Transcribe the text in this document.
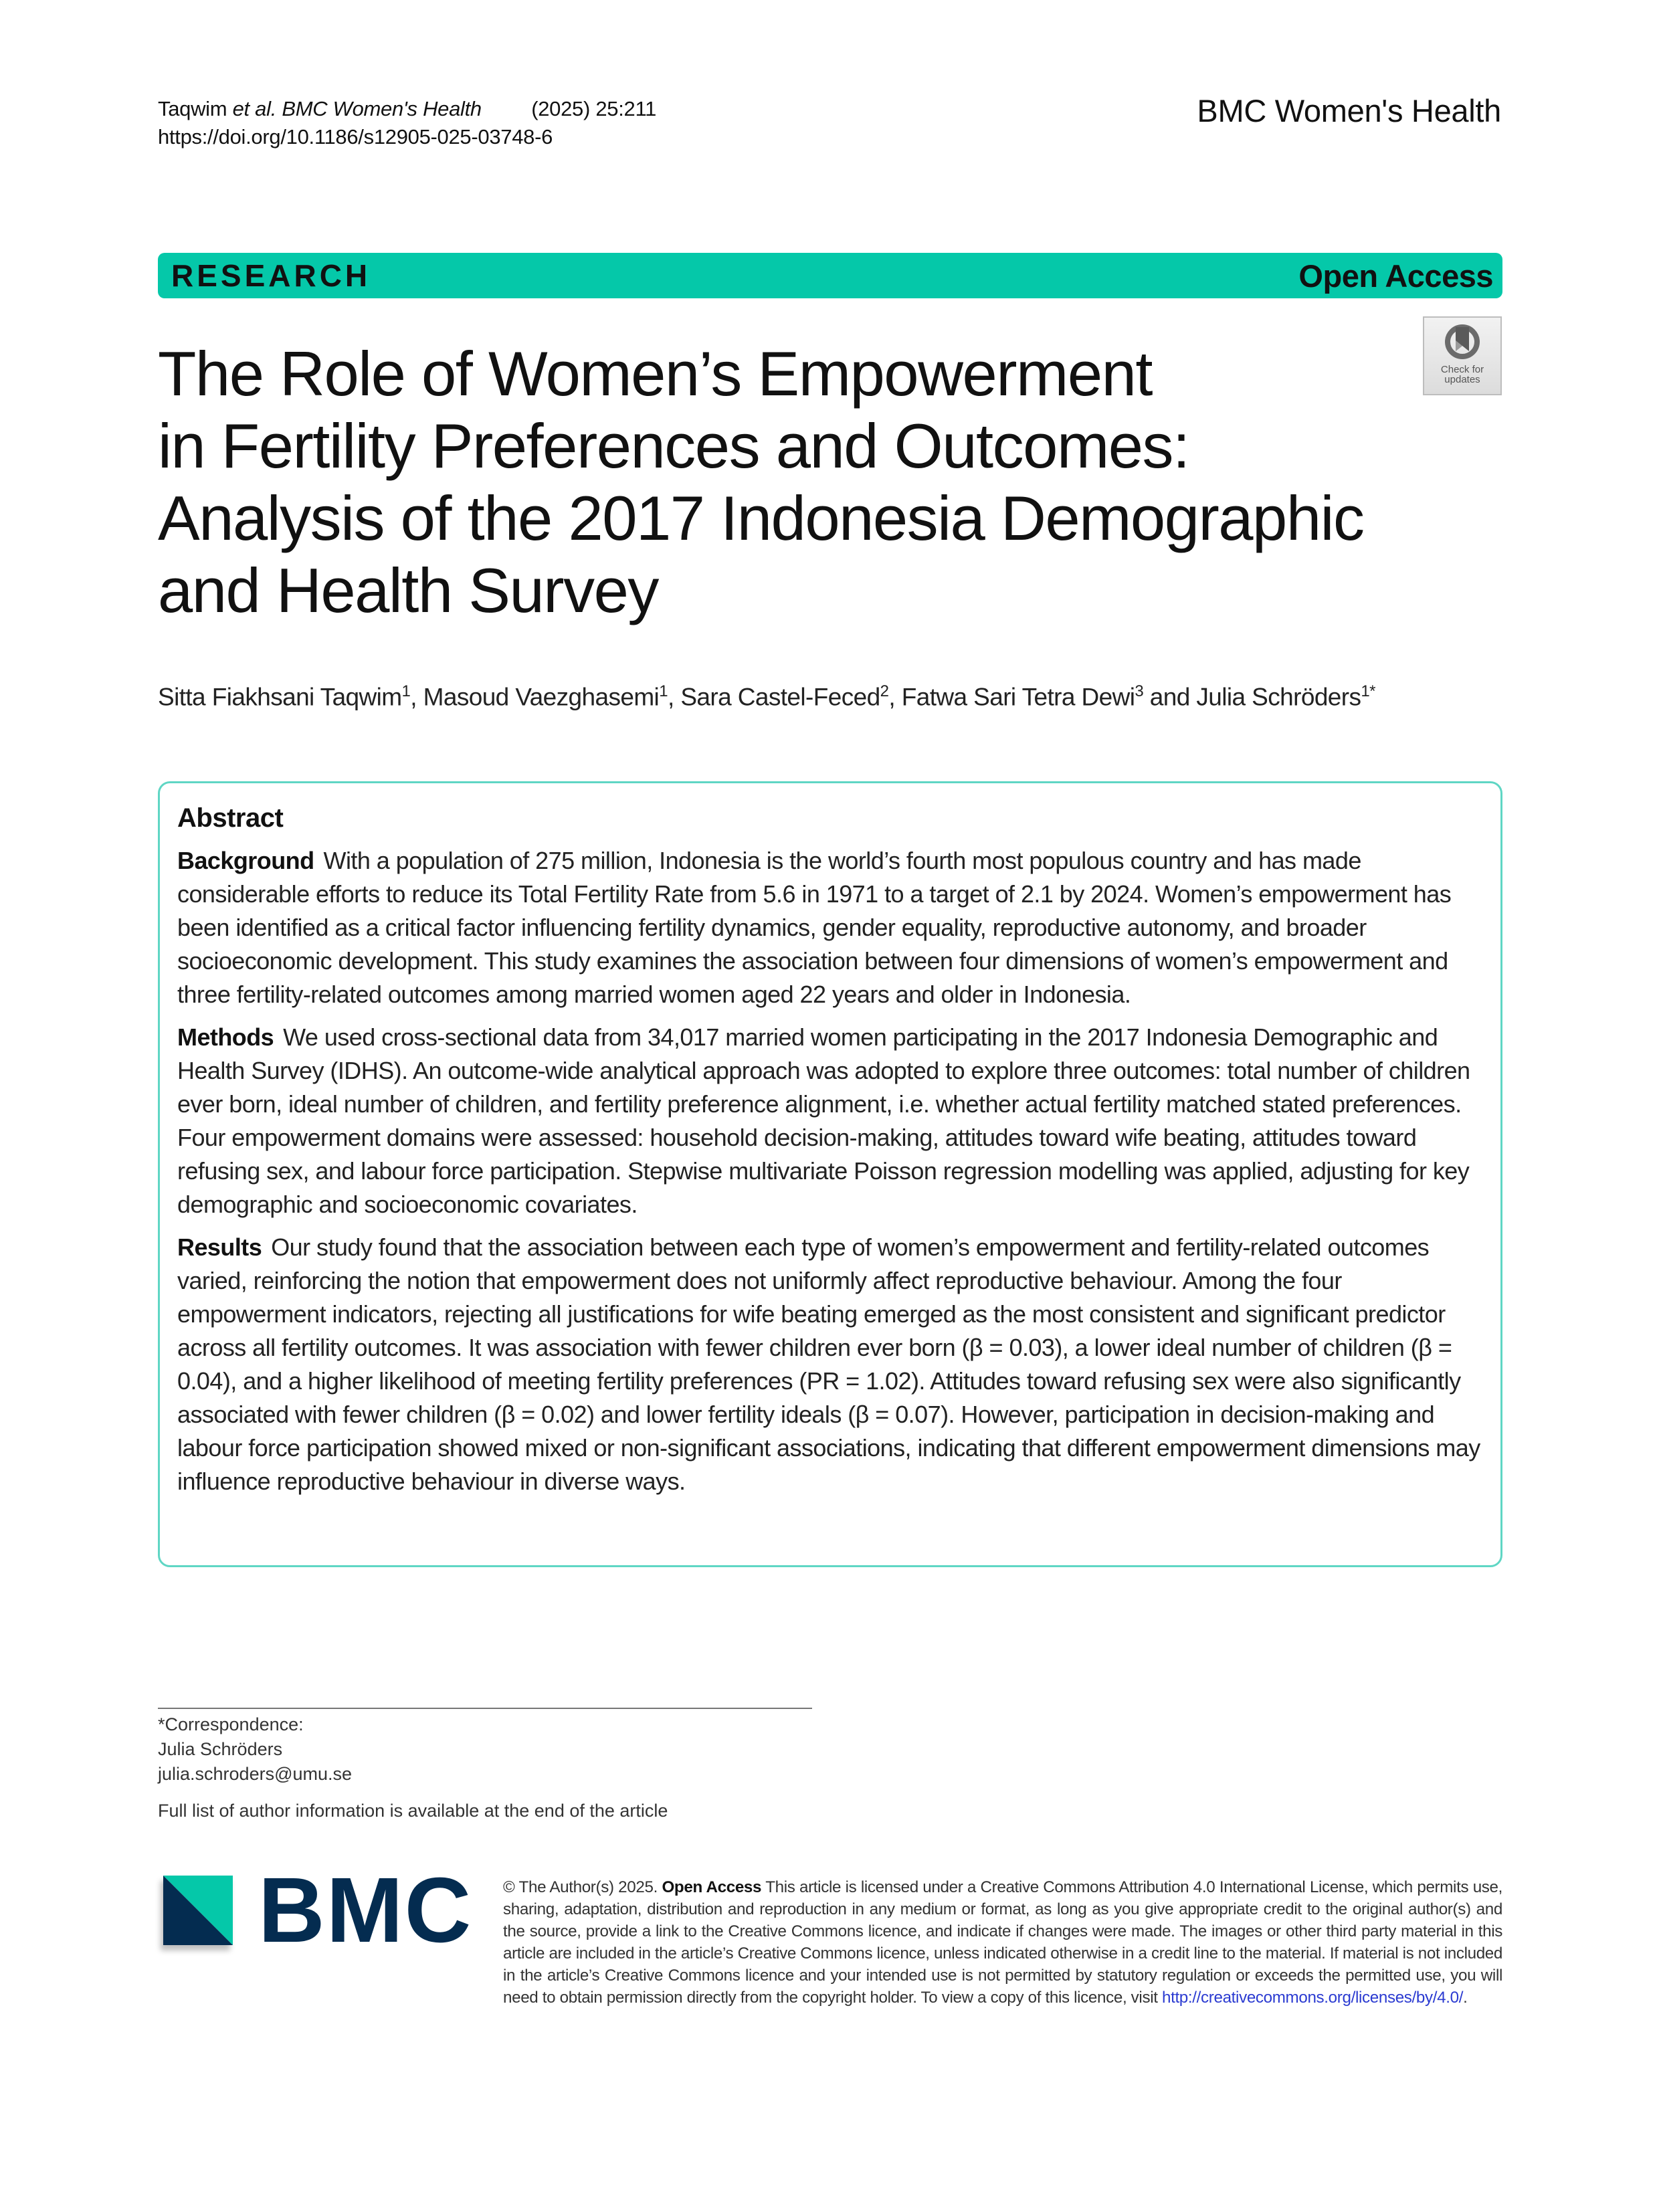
Taqwim et al. BMC Women's Health (2025) 25:211
https://doi.org/10.1186/s12905-025-03748-6
BMC Women's Health
RESEARCH	Open Access
Check for
updates
The Role of Women’s Empowerment
in Fertility Preferences and Outcomes:
Analysis of the 2017 Indonesia Demographic
and Health Survey
Sitta Fiakhsani Taqwim$^1$, Masoud Vaezghasemi$^1$, Sara Castel-Feced$^2$, Fatwa Sari Tetra Dewi$^3$ and Julia Schröders$^{1*}$
Abstract

Background With a population of 275 million, Indonesia is the world’s fourth most populous country and has made considerable efforts to reduce its Total Fertility Rate from 5.6 in 1971 to a target of 2.1 by 2024. Women’s empowerment has been identified as a critical factor influencing fertility dynamics, gender equality, reproductive autonomy, and broader socioeconomic development. This study examines the association between four dimensions of women’s empowerment and three fertility-related outcomes among married women aged 22 years and older in Indonesia.

Methods We used cross-sectional data from 34,017 married women participating in the 2017 Indonesia Demographic and Health Survey (IDHS). An outcome-wide analytical approach was adopted to explore three outcomes: total number of children ever born, ideal number of children, and fertility preference alignment, i.e. whether actual fertility matched stated preferences. Four empowerment domains were assessed: household decision-making, attitudes toward wife beating, attitudes toward refusing sex, and labour force participation. Stepwise multivariate Poisson regression modelling was applied, adjusting for key demographic and socioeconomic covariates.

Results Our study found that the association between each type of women’s empowerment and fertility-related outcomes varied, reinforcing the notion that empowerment does not uniformly affect reproductive behaviour. Among the four empowerment indicators, rejecting all justifications for wife beating emerged as the most consistent and significant predictor across all fertility outcomes. It was association with fewer children ever born (β = 0.03), a lower ideal number of children (β = 0.04), and a higher likelihood of meeting fertility preferences (PR = 1.02). Attitudes toward refusing sex were also significantly associated with fewer children (β = 0.02) and lower fertility ideals (β = 0.07). However, participation in decision-making and labour force participation showed mixed or non-significant associations, indicating that different empowerment dimensions may influence reproductive behaviour in diverse ways.

*Correspondence:
Julia Schröders
julia.schroders@umu.se
Full list of author information is available at the end of the article
BMC © The Author(s) 2025. Open Access This article is licensed under a Creative Commons Attribution 4.0 International License, which permits use, sharing, adaptation, distribution and reproduction in any medium or format, as long as you give appropriate credit to the original author(s) and the source, provide a link to the Creative Commons licence, and indicate if changes were made. The images or other third party material in this article are included in the article’s Creative Commons licence, unless indicated otherwise in a credit line to the material. If material is not included in the article’s Creative Commons licence and your intended use is not permitted by statutory regulation or exceeds the permitted use, you will need to obtain permission directly from the copyright holder. To view a copy of this licence, visit http://creativecommons.org/licenses/by/4.0/.
